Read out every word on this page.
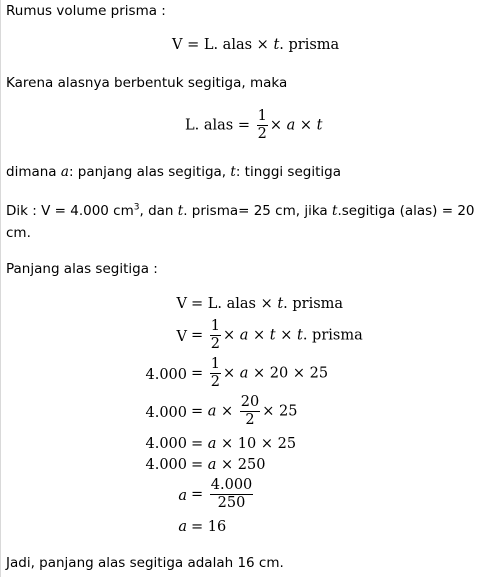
Rumus volume prisma :
V = L. alas × t. prisma
Karena alasnya berbentuk segitiga, maka
L. alas = $\frac{1}{2} \times a \times t$
dimana a: panjang alas segitiga, t: tinggi segitiga
Dik : V = 4.000 $cm^3$, dan t. prisma= 25 cm, jika t.segitiga (alas) = 20 cm.
Panjang alas segitiga :
V = L. alas × t. prisma
$V = \frac{1}{2} \times a \times t \times t$. prisma
$4.000 = \frac{1}{2} \times a \times 20 \times 25$
$4.000 = a \times \frac{20}{2} \times 25$
4.000 = a × 10 × 25
4.000 = a × 250
$a = \frac{4.000}{250}$
a = 16
Jadi, panjang alas segitiga adalah 16 cm.
